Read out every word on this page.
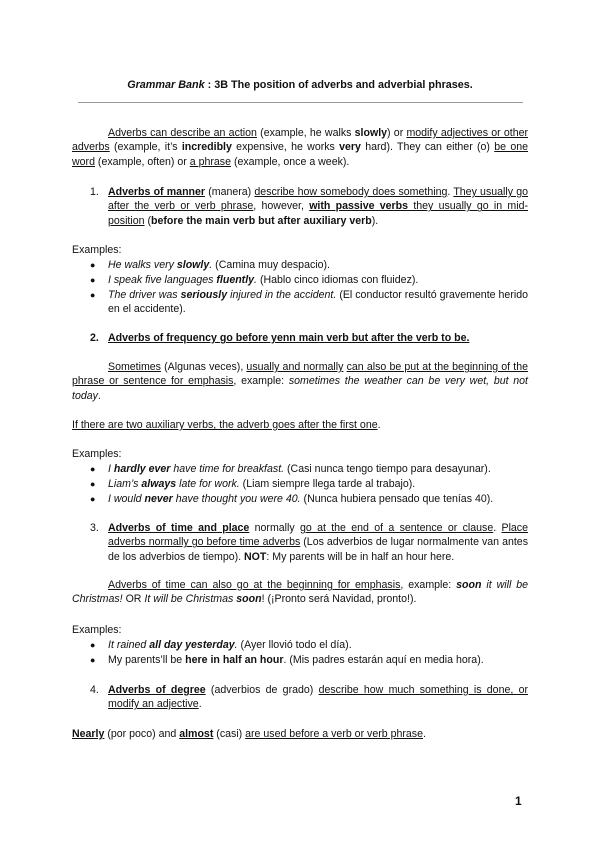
Grammar Bank : 3B The position of adverbs and adverbial phrases.
Adverbs can describe an action (example, he walks slowly) or modify adjectives or other adverbs (example, it’s incredibly expensive, he works very hard). They can either (o) be one word (example, often) or a phrase (example, once a week).
1. Adverbs of manner (manera) describe how somebody does something. They usually go after the verb or verb phrase, however, with passive verbs they usually go in mid-position (before the main verb but after auxiliary verb).
Examples:
● He walks very slowly. (Camina muy despacio).
● I speak five languages fluently. (Hablo cinco idiomas con fluidez).
● The driver was seriously injured in the accident. (El conductor resultó gravemente herido en el accidente).
2. Adverbs of frequency go before yenn main verb but after the verb to be.
Sometimes (Algunas veces), usually and normally can also be put at the beginning of the phrase or sentence for emphasis, example: sometimes the weather can be very wet, but not today.
If there are two auxiliary verbs, the adverb goes after the first one.
Examples:
● I hardly ever have time for breakfast. (Casi nunca tengo tiempo para desayunar).
● Liam’s always late for work. (Liam siempre llega tarde al trabajo).
● I would never have thought you were 40. (Nunca hubiera pensado que tenías 40).
3. Adverbs of time and place normally go at the end of a sentence or clause. Place adverbs normally go before time adverbs (Los adverbios de lugar normalmente van antes de los adverbios de tiempo). NOT: My parents will be in half an hour here.
Adverbs of time can also go at the beginning for emphasis, example: soon it will be Christmas! OR It will be Christmas soon! (¡Pronto será Navidad, pronto!).
Examples:
● It rained all day yesterday. (Ayer llovió todo el día).
● My parents’ll be here in half an hour. (Mis padres estarán aquí en media hora).
4. Adverbs of degree (adverbios de grado) describe how much something is done, or modify an adjective.
Nearly (por poco) and almost (casi) are used before a verb or verb phrase.
1
